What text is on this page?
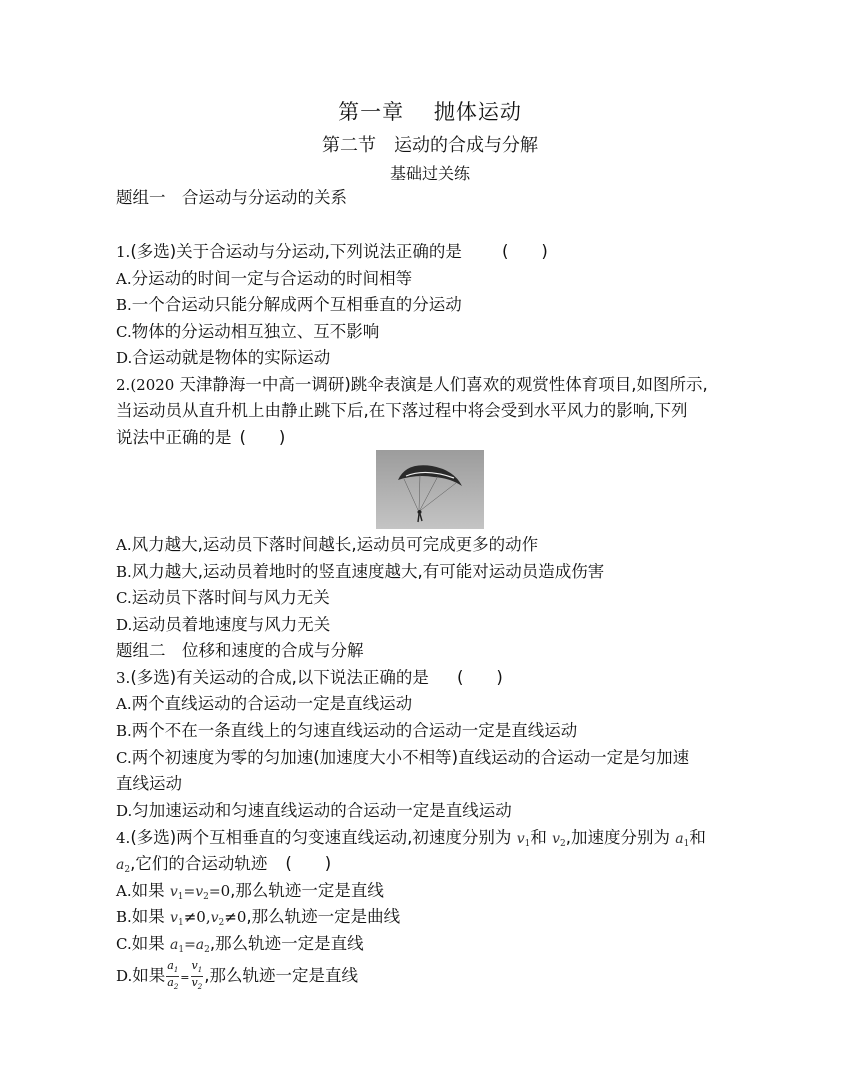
第一章　 抛体运动
第二节　运动的合成与分解
基础过关练
题组一　合运动与分运动的关系
1.(多选)关于合运动与分运动,下列说法正确的是 (　　)
A.分运动的时间一定与合运动的时间相等
B.一个合运动只能分解成两个互相垂直的分运动
C.物体的分运动相互独立、互不影响
D.合运动就是物体的实际运动
2.(2020 天津静海一中高一调研)跳伞表演是人们喜欢的观赏性体育项目,如图所示,
当运动员从直升机上由静止跳下后,在下落过程中将会受到水平风力的影响,下列
说法中正确的是 (　　)
A.风力越大,运动员下落时间越长,运动员可完成更多的动作
B.风力越大,运动员着地时的竖直速度越大,有可能对运动员造成伤害
C.运动员下落时间与风力无关
D.运动员着地速度与风力无关
题组二　位移和速度的合成与分解
3.(多选)有关运动的合成,以下说法正确的是 (　　)
A.两个直线运动的合运动一定是直线运动
B.两个不在一条直线上的匀速直线运动的合运动一定是直线运动
C.两个初速度为零的匀加速(加速度大小不相等)直线运动的合运动一定是匀加速
直线运动
D.匀加速运动和匀速直线运动的合运动一定是直线运动
4.(多选)两个互相垂直的匀变速直线运动,初速度分别为 $v_1$和 $v_2$,加速度分别为 $a_1$和
$a_2$,它们的合运动轨迹 (　　)
A.如果 $v_1=v_2=0$,那么轨迹一定是直线
B.如果 $v_1\ne 0,v_2\ne 0$,那么轨迹一定是曲线
C.如果 $a_1=a_2$,那么轨迹一定是直线
D.如果 $\frac{a_1}{a_2} = \frac{v_1}{v_2}$ ,那么轨迹一定是直线
